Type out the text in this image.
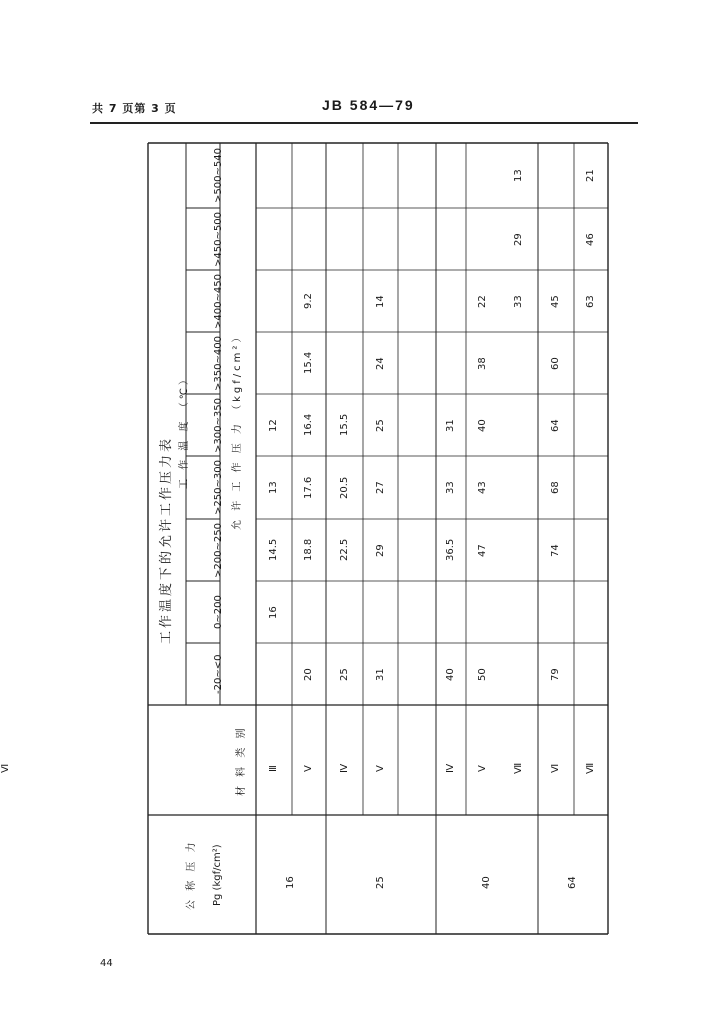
共 7 页第 3 页	JB 584—79
工作温度下的允许工作压力表
工 作 温 度 （℃）	允 许 工 作 压 力 （kgf/cm²）
材 料 类 别
公 称 压 力 Pg (kgf/cm²)
-20~<0
0~200
>200~250
>250~300
>300~350
>350~400
>400~450
>450~500
>500~540
16
Ⅲ
16
14.5
13
12
Ⅴ
20
18.8
17.6
16.4
15.4
9.2
25
Ⅳ
25
22.5
20.5
15.5
Ⅴ
31
29
27
25
24
14
40
Ⅳ
40
36.5
33
31
Ⅴ
50
47
43
40
38
22
Ⅵ
64
Ⅶ
33
29
13
Ⅵ
79
74
68
64
60
45
Ⅶ
63
46
21
44
